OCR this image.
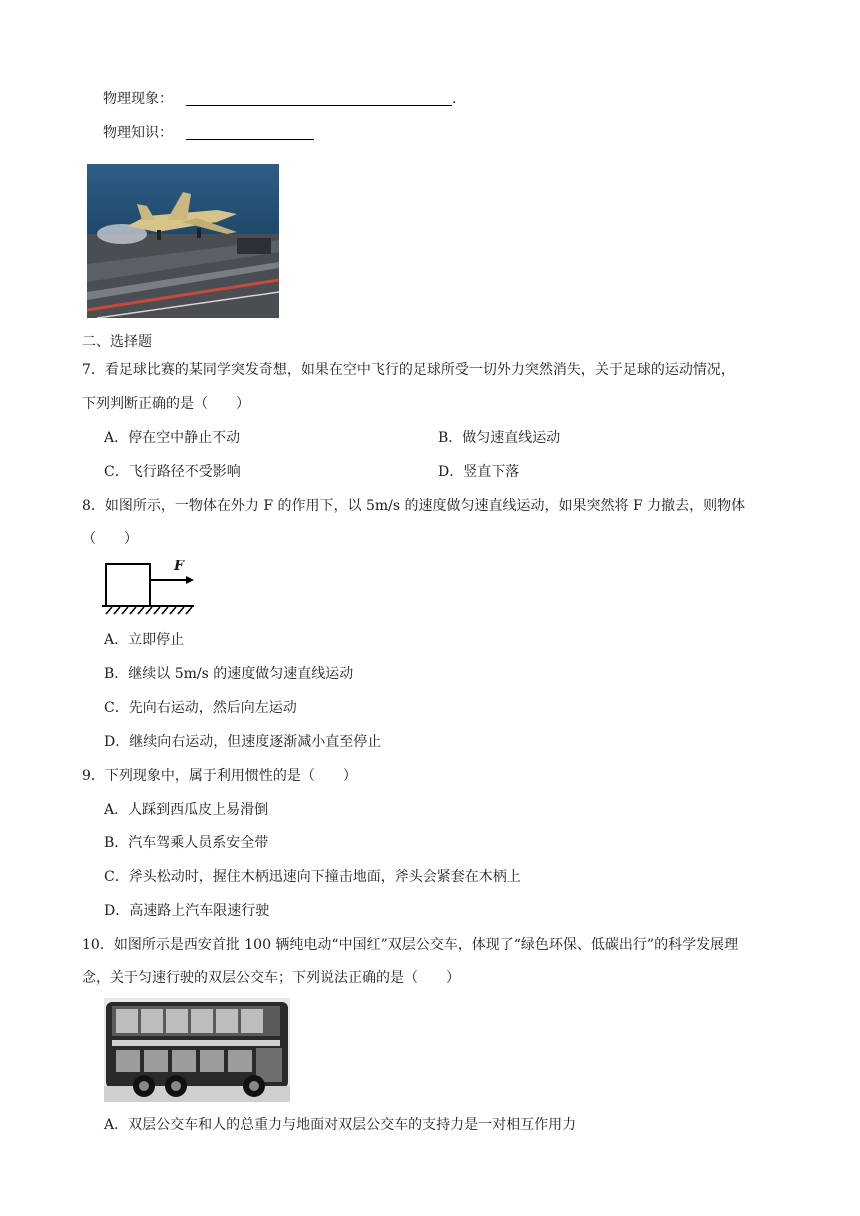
物理现象：	.
物理知识：
二、选择题
7．看足球比赛的某同学突发奇想，如果在空中飞行的足球所受一切外力突然消失，关于足球的运动情况，
下列判断正确的是（　　）
A．停在空中静止不动	B．做匀速直线运动
C．飞行路径不受影响	D．竖直下落
8．如图所示，一物体在外力 F 的作用下，以 5m/s 的速度做匀速直线运动，如果突然将 F 力撤去，则物体
（　　）
F
A．立即停止
B．继续以 5m/s 的速度做匀速直线运动
C．先向右运动，然后向左运动
D．继续向右运动，但速度逐渐减小直至停止
9．下列现象中，属于利用惯性的是（　　）
A．人踩到西瓜皮上易滑倒
B．汽车驾乘人员系安全带
C．斧头松动时，握住木柄迅速向下撞击地面，斧头会紧套在木柄上
D．高速路上汽车限速行驶
10．如图所示是西安首批 100 辆纯电动“中国红”双层公交车，体现了“绿色环保、低碳出行”的科学发展理
念，关于匀速行驶的双层公交车；下列说法正确的是（　　）
A．双层公交车和人的总重力与地面对双层公交车的支持力是一对相互作用力
